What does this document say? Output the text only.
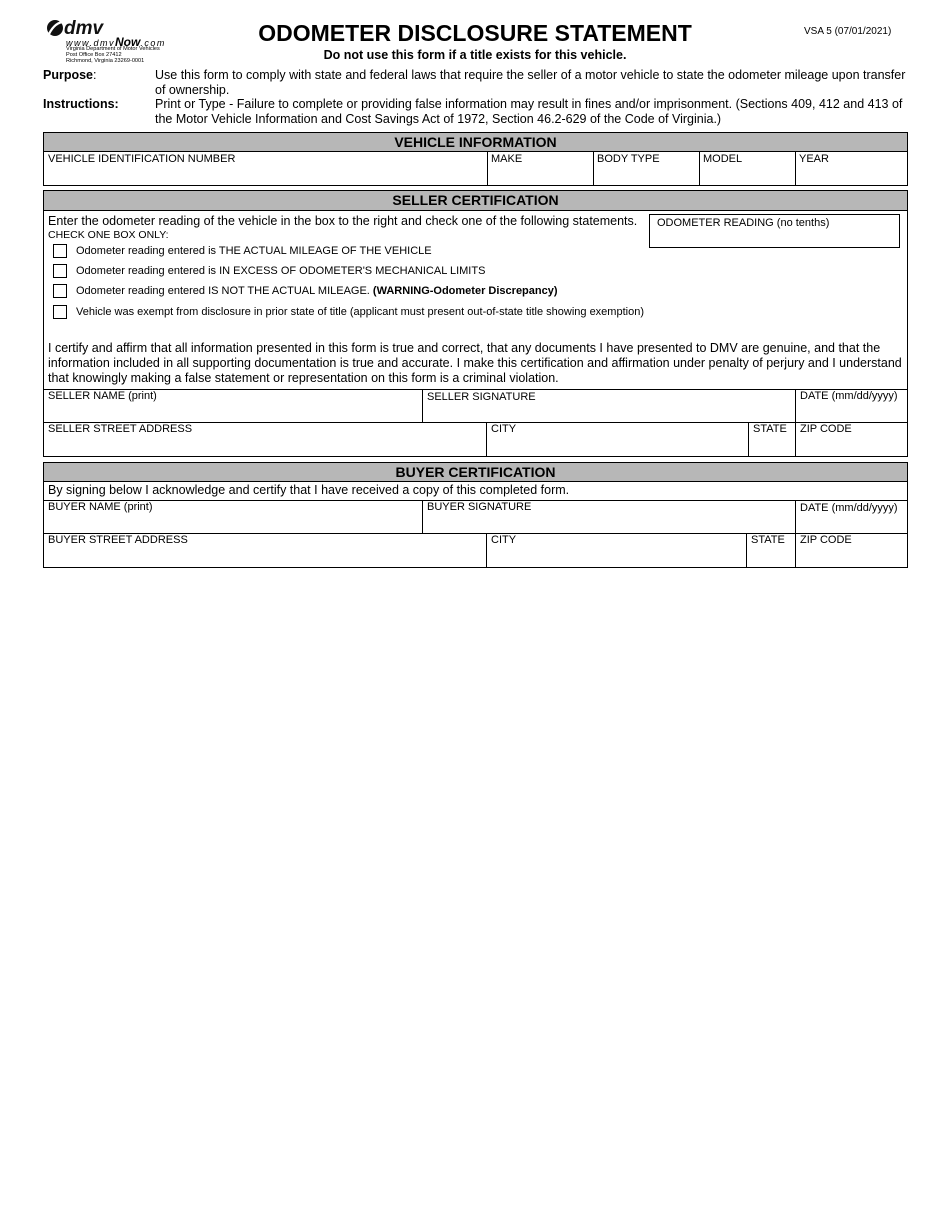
dmv
www.dmvNow.com
Virginia Department of Motor Vehicles
Post Office Box 27412
Richmond, Virginia 23269-0001
ODOMETER DISCLOSURE STATEMENT
Do not use this form if a title exists for this vehicle.
VSA 5 (07/01/2021)
Purpose:	Use this form to comply with state and federal laws that require the seller of a motor vehicle to state the odometer mileage upon transfer of ownership.
Instructions:	Print or Type - Failure to complete or providing false information may result in fines and/or imprisonment. (Sections 409, 412 and 413 of the Motor Vehicle Information and Cost Savings Act of 1972, Section 46.2-629 of the Code of Virginia.)
VEHICLE INFORMATION
VEHICLE IDENTIFICATION NUMBER	MAKE	BODY TYPE	MODEL	YEAR
SELLER CERTIFICATION
Enter the odometer reading of the vehicle in the box to the right and check one of the following statements.
CHECK ONE BOX ONLY:
ODOMETER READING (no tenths)
Odometer reading entered is THE ACTUAL MILEAGE OF THE VEHICLE
Odometer reading entered is IN EXCESS OF ODOMETER'S MECHANICAL LIMITS
Odometer reading entered IS NOT THE ACTUAL MILEAGE. (WARNING-Odometer Discrepancy)
Vehicle was exempt from disclosure in prior state of title (applicant must present out-of-state title showing exemption)
I certify and affirm that all information presented in this form is true and correct, that any documents I have presented to DMV are genuine, and that the information included in all supporting documentation is true and accurate. I make this certification and affirmation under penalty of perjury and I understand that knowingly making a false statement or representation on this form is a criminal violation.
SELLER NAME (print)	SELLER SIGNATURE	DATE (mm/dd/yyyy)
SELLER STREET ADDRESS	CITY	STATE	ZIP CODE
BUYER CERTIFICATION
By signing below I acknowledge and certify that I have received a copy of this completed form.
BUYER NAME (print)	BUYER SIGNATURE	DATE (mm/dd/yyyy)
BUYER STREET ADDRESS	CITY	STATE	ZIP CODE
